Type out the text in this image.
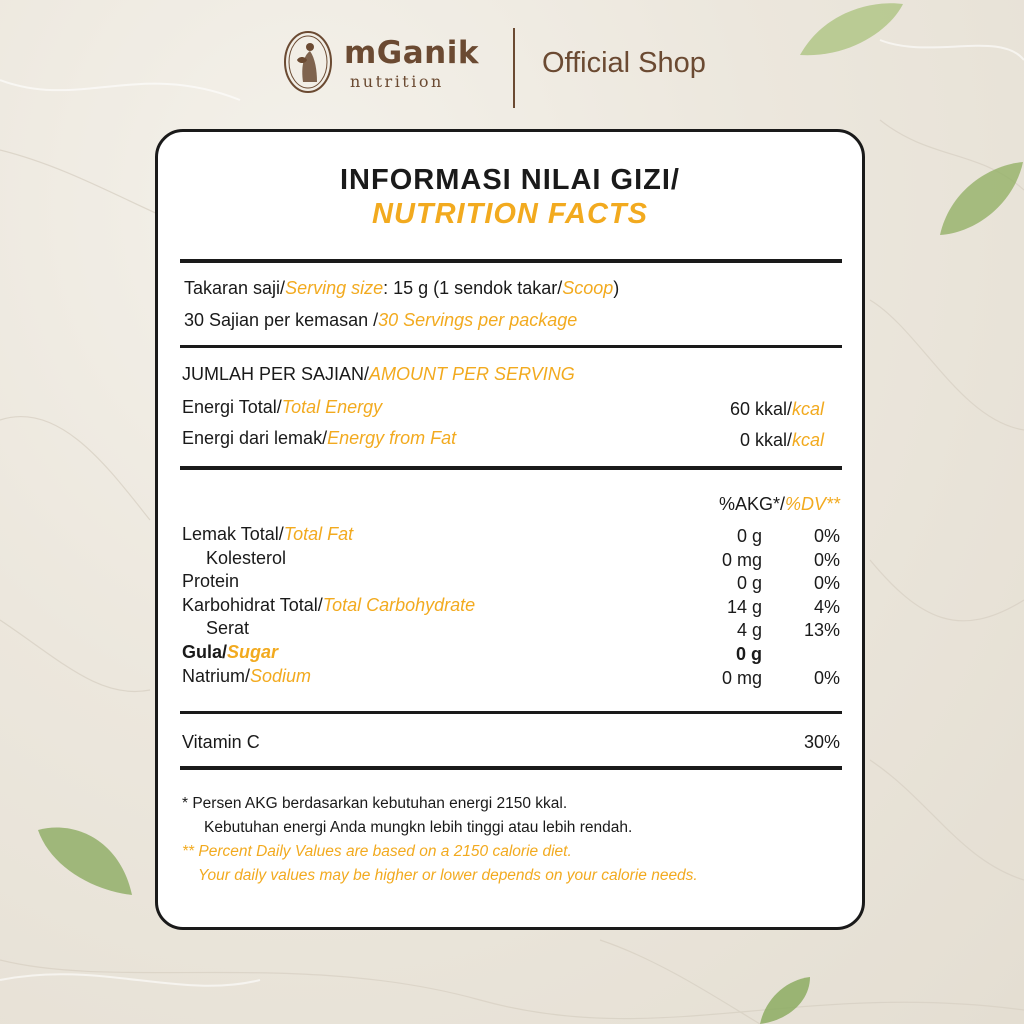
mGanik
nutrition
Official Shop
INFORMASI NILAI GIZI/
NUTRITION FACTS
Takaran saji/Serving size: 15 g (1 sendok takar/Scoop)
30 Sajian per kemasan /30 Servings per package
JUMLAH PER SAJIAN/AMOUNT PER SERVING
Energi Total/Total Energy	60 kkal/kcal
Energi dari lemak/Energy from Fat	0 kkal/kcal
%AKG*/%DV**
Lemak Total/Total Fat	0 g	0%
Kolesterol	0 mg	0%
Protein	0 g	0%
Karbohidrat Total/Total Carbohydrate	14 g	4%
Serat	4 g 13%
Gula/Sugar	0 g
Natrium/Sodium	0 mg	0%
Vitamin C	30%
* Persen AKG berdasarkan kebutuhan energi 2150 kkal.
Kebutuhan energi Anda mungkn lebih tinggi atau lebih rendah.
** Percent Daily Values are based on a 2150 calorie diet.
Your daily values may be higher or lower depends on your calorie needs.
